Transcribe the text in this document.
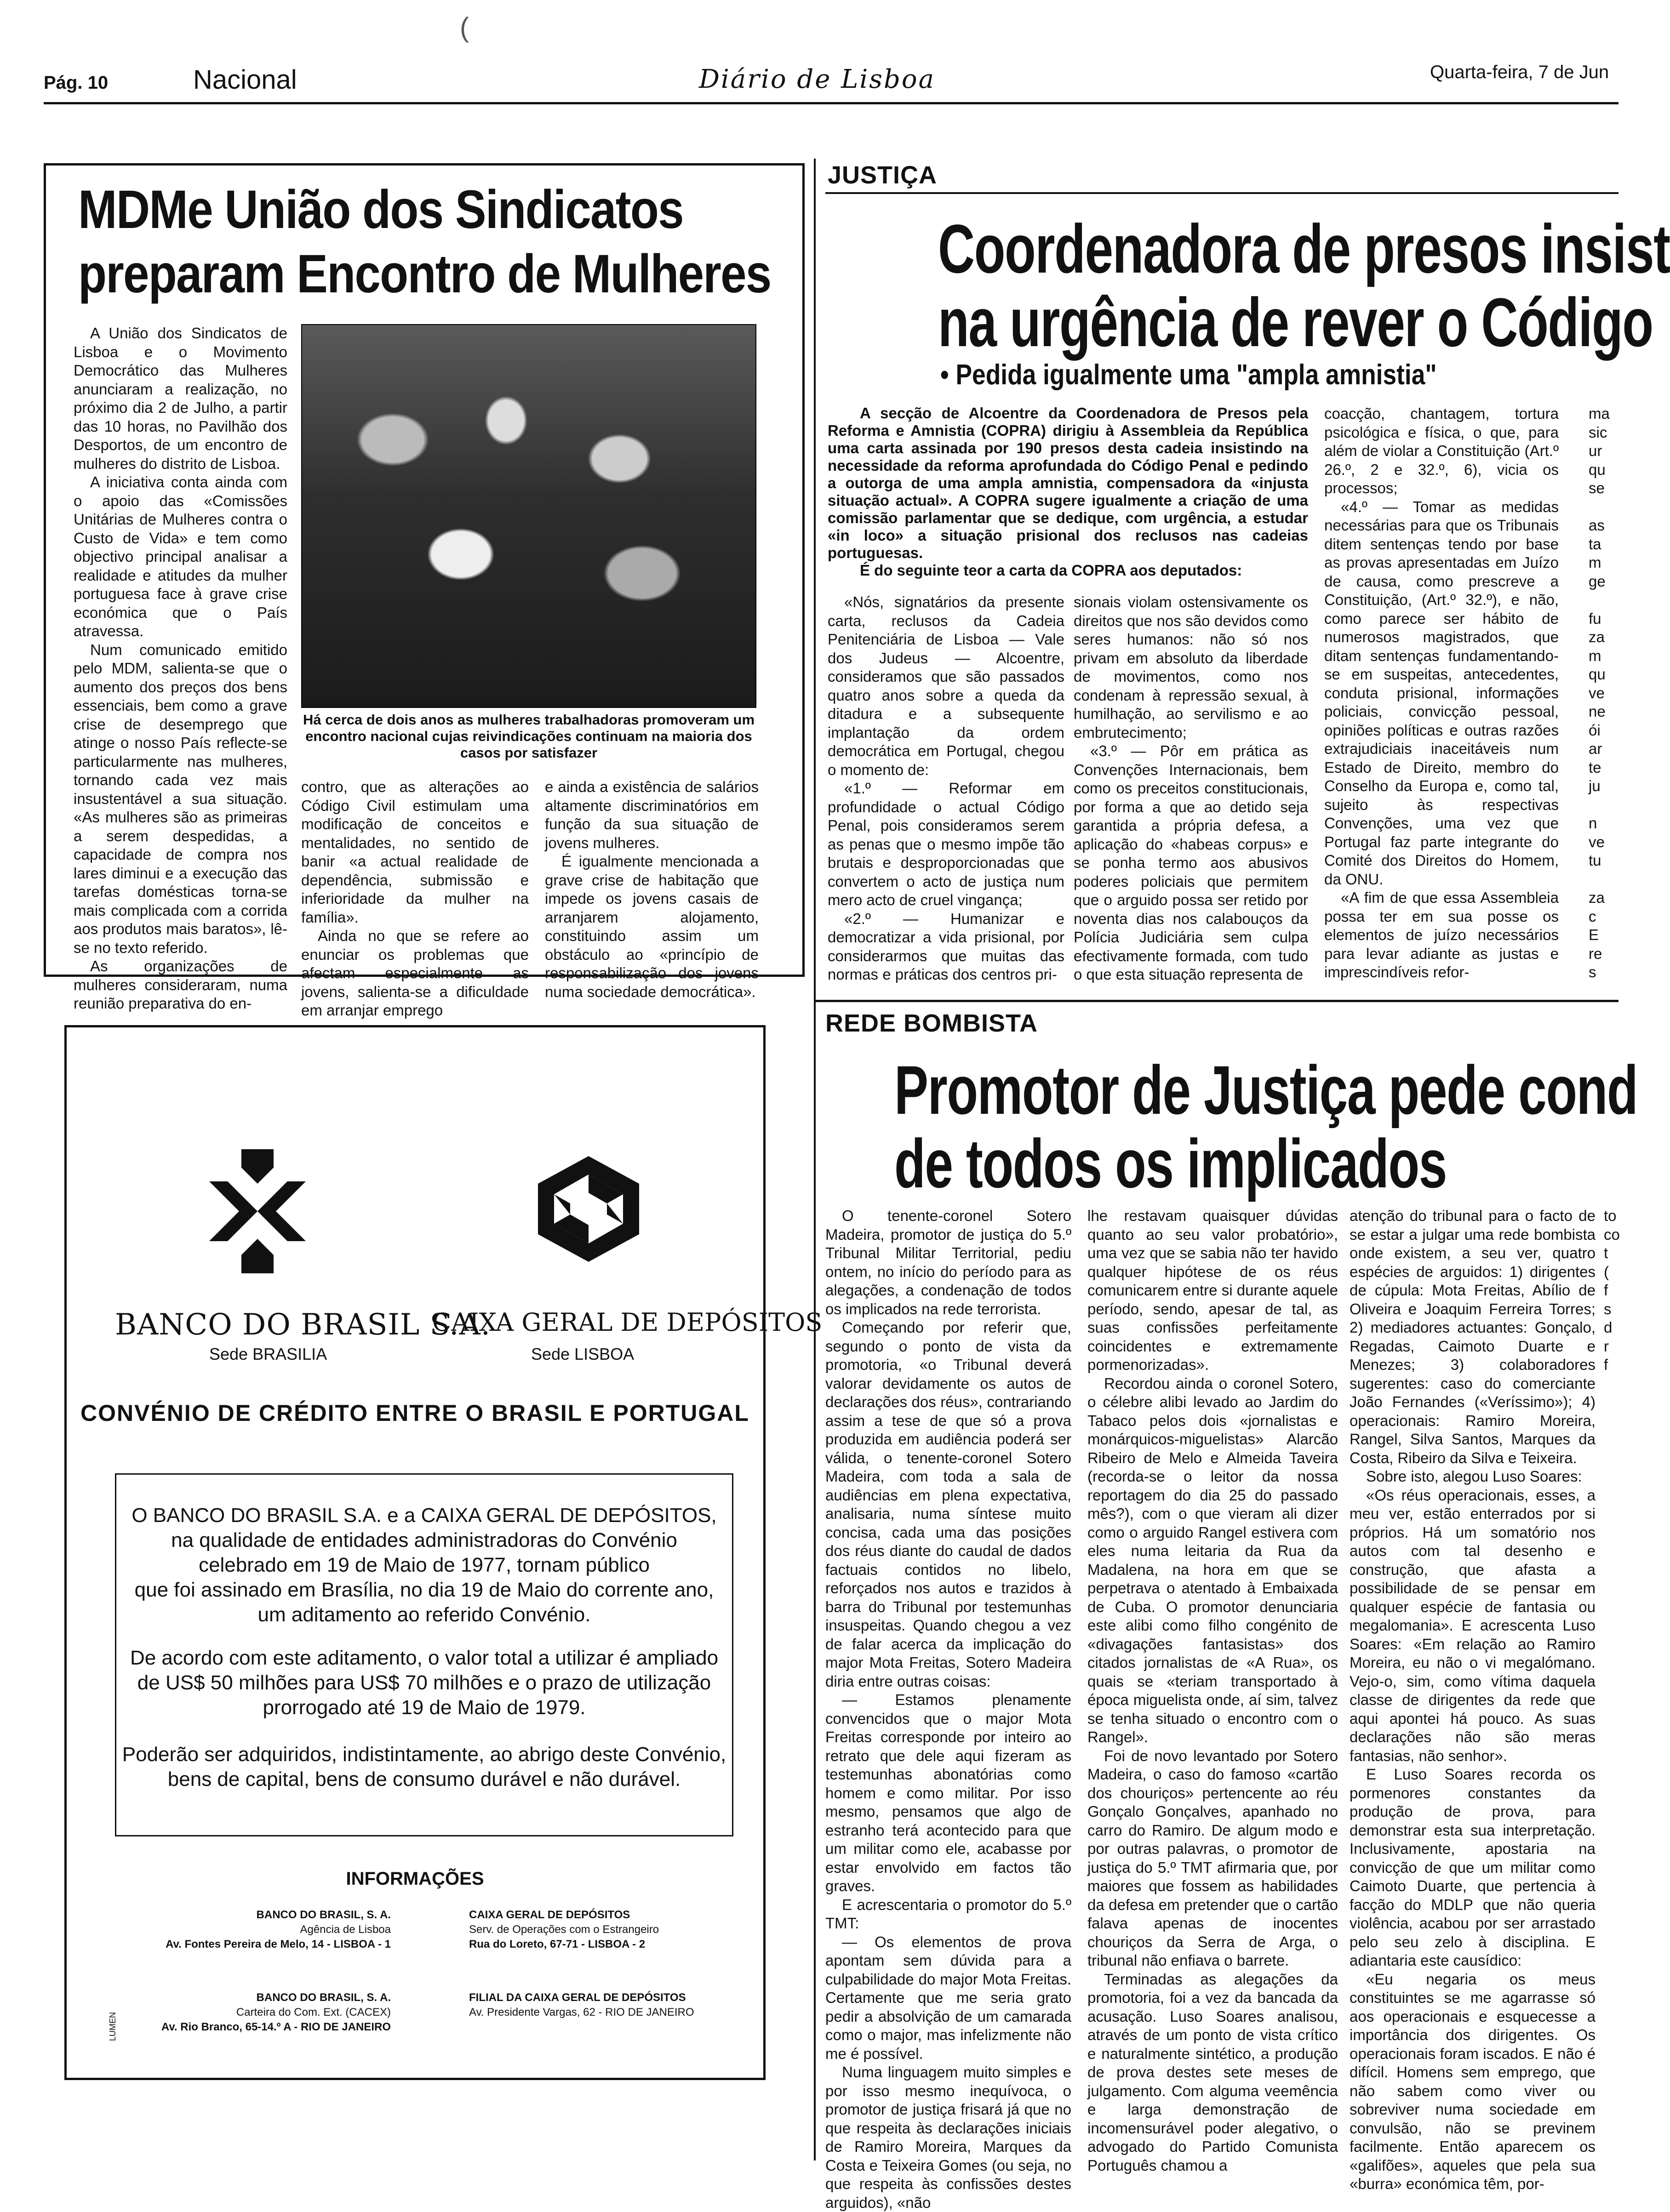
(
Pág. 10	Nacional	Diário de Lisboa	Quarta-feira, 7 de Jun
MDMe União dos Sindicatos
preparam Encontro de Mulheres

A União dos Sindicatos de Lisboa e o Movimento Democrático das Mulheres anunciaram a realização, no próximo dia 2 de Julho, a partir das 10 horas, no Pavilhão dos Desportos, de um encontro de mulheres do distrito de Lisboa.

A iniciativa conta ainda com o apoio das «Comissões Unitárias de Mulheres contra o Custo de Vida» e tem como objectivo principal analisar a realidade e atitudes da mulher portuguesa face à grave crise económica que o País atravessa.

Num comunicado emitido pelo MDM, salienta-se que o aumento dos preços dos bens essenciais, bem como a grave crise de desemprego que atinge o nosso País reflecte-se particularmente nas mulheres, tornando cada vez mais insustentável a sua situação. «As mulheres são as primeiras a serem despedidas, a capacidade de compra nos lares diminui e a execução das tarefas domésticas torna-se mais complicada com a corrida aos produtos mais baratos», lê-se no texto referido.

As organizações de mulheres consideraram, numa reunião preparativa do en-

Há cerca de dois anos as mulheres trabalhadoras promoveram um encontro nacional cujas reivindicações continuam na maioria dos casos por satisfazer

contro, que as alterações ao Código Civil estimulam uma modificação de conceitos e mentalidades, no sentido de banir «a actual realidade de dependência, submissão e inferioridade da mulher na família».

Ainda no que se refere ao enunciar os problemas que afectam especialmente as jovens, salienta-se a dificuldade em arranjar emprego

e ainda a existência de salários altamente discriminatórios em função da sua situação de jovens mulheres.

É igualmente mencionada a grave crise de habitação que impede os jovens casais de arranjarem alojamento, constituindo assim um obstáculo ao «princípio de responsabilização dos jovens numa sociedade democrática».

JUSTIÇA
Coordenadora de presos insist
na urgência de rever o Código
• Pedida igualmente uma "ampla amnistia"

A secção de Alcoentre da Coordenadora de Presos pela Reforma e Amnistia (COPRA) dirigiu à Assembleia da República uma carta assinada por 190 presos desta cadeia insistindo na necessidade da reforma aprofundada do Código Penal e pedindo a outorga de uma ampla amnistia, compensadora da «injusta situação actual». A COPRA sugere igualmente a criação de uma comissão parlamentar que se dedique, com urgência, a estudar «in loco» a situação prisional dos reclusos nas cadeias portuguesas.

É do seguinte teor a carta da COPRA aos deputados:

«Nós, signatários da presente carta, reclusos da Cadeia Penitenciária de Lisboa — Vale dos Judeus — Alcoentre, consideramos que são passados quatro anos sobre a queda da ditadura e a subsequente implantação da ordem democrática em Portugal, chegou o momento de:

«1.º — Reformar em profundidade o actual Código Penal, pois consideramos serem as penas que o mesmo impõe tão brutais e desproporcionadas que convertem o acto de justiça num mero acto de cruel vingança;

«2.º — Humanizar e democratizar a vida prisional, por considerarmos que muitas das normas e práticas dos centros pri-

sionais violam ostensivamente os direitos que nos são devidos como seres humanos: não só nos privam em absoluto da liberdade de movimentos, como nos condenam à repressão sexual, à humilhação, ao servilismo e ao embrutecimento;

«3.º — Pôr em prática as Convenções Internacionais, bem como os preceitos constitucionais, por forma a que ao detido seja garantida a própria defesa, a aplicação do «habeas corpus» e se ponha termo aos abusivos poderes policiais que permitem que o arguido possa ser retido por noventa dias nos calabouços da Polícia Judiciária sem culpa efectivamente formada, com tudo o que esta situação representa de

coacção, chantagem, tortura psicológica e física, o que, para além de violar a Constituição (Art.º 26.º, 2 e 32.º, 6), vicia os processos;

«4.º — Tomar as medidas necessárias para que os Tribunais ditem sentenças tendo por base as provas apresentadas em Juízo de causa, como prescreve a Constituição, (Art.º 32.º), e não, como parece ser hábito de numerosos magistrados, que ditam sentenças fundamentando-se em suspeitas, antecedentes, conduta prisional, informações policiais, convicção pessoal, opiniões políticas e outras razões extrajudiciais inaceitáveis num Estado de Direito, membro do Conselho da Europa e, como tal, sujeito às respectivas Convenções, uma vez que Portugal faz parte integrante do Comité dos Direitos do Homem, da ONU.

«A fim de que essa Assembleia possa ter em sua posse os elementos de juízo necessários para levar adiante as justas e imprescindíveis refor-

ma
sic
ur
qu
se

as
ta
m
ge

fu
za
m
qu
ve
ne
ói
ar
te
ju

n
ve
tu

za
c
E
re
s
REDE BOMBISTA
Promotor de Justiça pede cond
de todos os implicados

O tenente-coronel Sotero Madeira, promotor de justiça do 5.º Tribunal Militar Territorial, pediu ontem, no início do período para as alegações, a condenação de todos os implicados na rede terrorista.

Começando por referir que, segundo o ponto de vista da promotoria, «o Tribunal deverá valorar devidamente os autos de declarações dos réus», contrariando assim a tese de que só a prova produzida em audiência poderá ser válida, o tenente-coronel Sotero Madeira, com toda a sala de audiências em plena expectativa, analisaria, numa síntese muito concisa, cada uma das posições dos réus diante do caudal de dados factuais contidos no libelo, reforçados nos autos e trazidos à barra do Tribunal por testemunhas insuspeitas. Quando chegou a vez de falar acerca da implicação do major Mota Freitas, Sotero Madeira diria entre outras coisas:

— Estamos plenamente convencidos que o major Mota Freitas corresponde por inteiro ao retrato que dele aqui fizeram as testemunhas abonatórias como homem e como militar. Por isso mesmo, pensamos que algo de estranho terá acontecido para que um militar como ele, acabasse por estar envolvido em factos tão graves.

E acrescentaria o promotor do 5.º TMT:

— Os elementos de prova apontam sem dúvida para a culpabilidade do major Mota Freitas. Certamente que me seria grato pedir a absolvição de um camarada como o major, mas infelizmente não me é possível.

Numa linguagem muito simples e por isso mesmo inequívoca, o promotor de justiça frisará já que no que respeita às declarações iniciais de Ramiro Moreira, Marques da Costa e Teixeira Gomes (ou seja, no que respeita às confissões destes arguidos), «não

lhe restavam quaisquer dúvidas quanto ao seu valor probatório», uma vez que se sabia não ter havido qualquer hipótese de os réus comunicarem entre si durante aquele período, sendo, apesar de tal, as suas confissões perfeitamente coincidentes e extremamente pormenorizadas».

Recordou ainda o coronel Sotero, o célebre alibi levado ao Jardim do Tabaco pelos dois «jornalistas e monárquicos-miguelistas» Alarcão Ribeiro de Melo e Almeida Taveira (recorda-se o leitor da nossa reportagem do dia 25 do passado mês?), com o que vieram ali dizer como o arguido Rangel estivera com eles numa leitaria da Rua da Madalena, na hora em que se perpetrava o atentado à Embaixada de Cuba. O promotor denunciaria este alibi como filho congénito de «divagações fantasistas» dos citados jornalistas de «A Rua», os quais se «teriam transportado à época miguelista onde, aí sim, talvez se tenha situado o encontro com o Rangel».

Foi de novo levantado por Sotero Madeira, o caso do famoso «cartão dos chouriços» pertencente ao réu Gonçalo Gonçalves, apanhado no carro do Ramiro. De algum modo e por outras palavras, o promotor de justiça do 5.º TMT afirmaria que, por maiores que fossem as habilidades da defesa em pretender que o cartão falava apenas de inocentes chouriços da Serra de Arga, o tribunal não enfiava o barrete.

Terminadas as alegações da promotoria, foi a vez da bancada da acusação. Luso Soares analisou, através de um ponto de vista crítico e naturalmente sintético, a produção de prova destes sete meses de julgamento. Com alguma veemência e larga demonstração de incomensurável poder alegativo, o advogado do Partido Comunista Português chamou a

atenção do tribunal para o facto de se estar a julgar uma rede bombista onde existem, a seu ver, quatro espécies de arguidos: 1) dirigentes de cúpula: Mota Freitas, Abílio de Oliveira e Joaquim Ferreira Torres; 2) mediadores actuantes: Gonçalo, Regadas, Caimoto Duarte e Menezes; 3) colaboradores sugerentes: caso do comerciante João Fernandes («Veríssimo»); 4) operacionais: Ramiro Moreira, Rangel, Silva Santos, Marques da Costa, Ribeiro da Silva e Teixeira.

Sobre isto, alegou Luso Soares:

«Os réus operacionais, esses, a meu ver, estão enterrados por si próprios. Há um somatório nos autos com tal desenho e construção, que afasta a possibilidade de se pensar em qualquer espécie de fantasia ou megalomania». E acrescenta Luso Soares: «Em relação ao Ramiro Moreira, eu não o vi megalómano. Vejo-o, sim, como vítima daquela classe de dirigentes da rede que aqui apontei há pouco. As suas declarações não são meras fantasias, não senhor».

E Luso Soares recorda os pormenores constantes da produção de prova, para demonstrar esta sua interpretação. Inclusivamente, apostaria na convicção de que um militar como Caimoto Duarte, que pertencia à facção do MDLP que não queria violência, acabou por ser arrastado pelo seu zelo à disciplina. E adiantaria este causídico:

«Eu negaria os meus constituintes se me agarrasse só aos operacionais e esquecesse a importância dos dirigentes. Os operacionais foram iscados. E não é difícil. Homens sem emprego, que não sabem como viver ou sobreviver numa sociedade em convulsão, não se previnem facilmente. Então aparecem os «galifões», aqueles que pela sua «burra» económica têm, por-

to
co
t
(
f
s
d
r
f
BANCO DO BRASIL S.A.
CAIXA GERAL DE DEPÓSITOS
Sede BRASILIA	Sede LISBOA
CONVÉNIO DE CRÉDITO ENTRE O BRASIL E PORTUGAL
O BANCO DO BRASIL S.A. e a CAIXA GERAL DE DEPÓSITOS,
na qualidade de entidades administradoras do Convénio
celebrado em 19 de Maio de 1977, tornam público
que foi assinado em Brasília, no dia 19 de Maio do corrente ano,
um aditamento ao referido Convénio.
De acordo com este aditamento, o valor total a utilizar é ampliado
de US$ 50 milhões para US$ 70 milhões e o prazo de utilização
prorrogado até 19 de Maio de 1979.
Poderão ser adquiridos, indistintamente, ao abrigo deste Convénio,
bens de capital, bens de consumo durável e não durável.
INFORMAÇÕES
BANCO DO BRASIL, S. A.
Agência de Lisboa
Av. Fontes Pereira de Melo, 14 - LISBOA - 1
CAIXA GERAL DE DEPÓSITOS
Serv. de Operações com o Estrangeiro
Rua do Loreto, 67-71 - LISBOA - 2
BANCO DO BRASIL, S. A.
Carteira do Com. Ext. (CACEX)
Av. Rio Branco, 65-14.º A - RIO DE JANEIRO
FILIAL DA CAIXA GERAL DE DEPÓSITOS
Av. Presidente Vargas, 62 - RIO DE JANEIRO
LUMEN
